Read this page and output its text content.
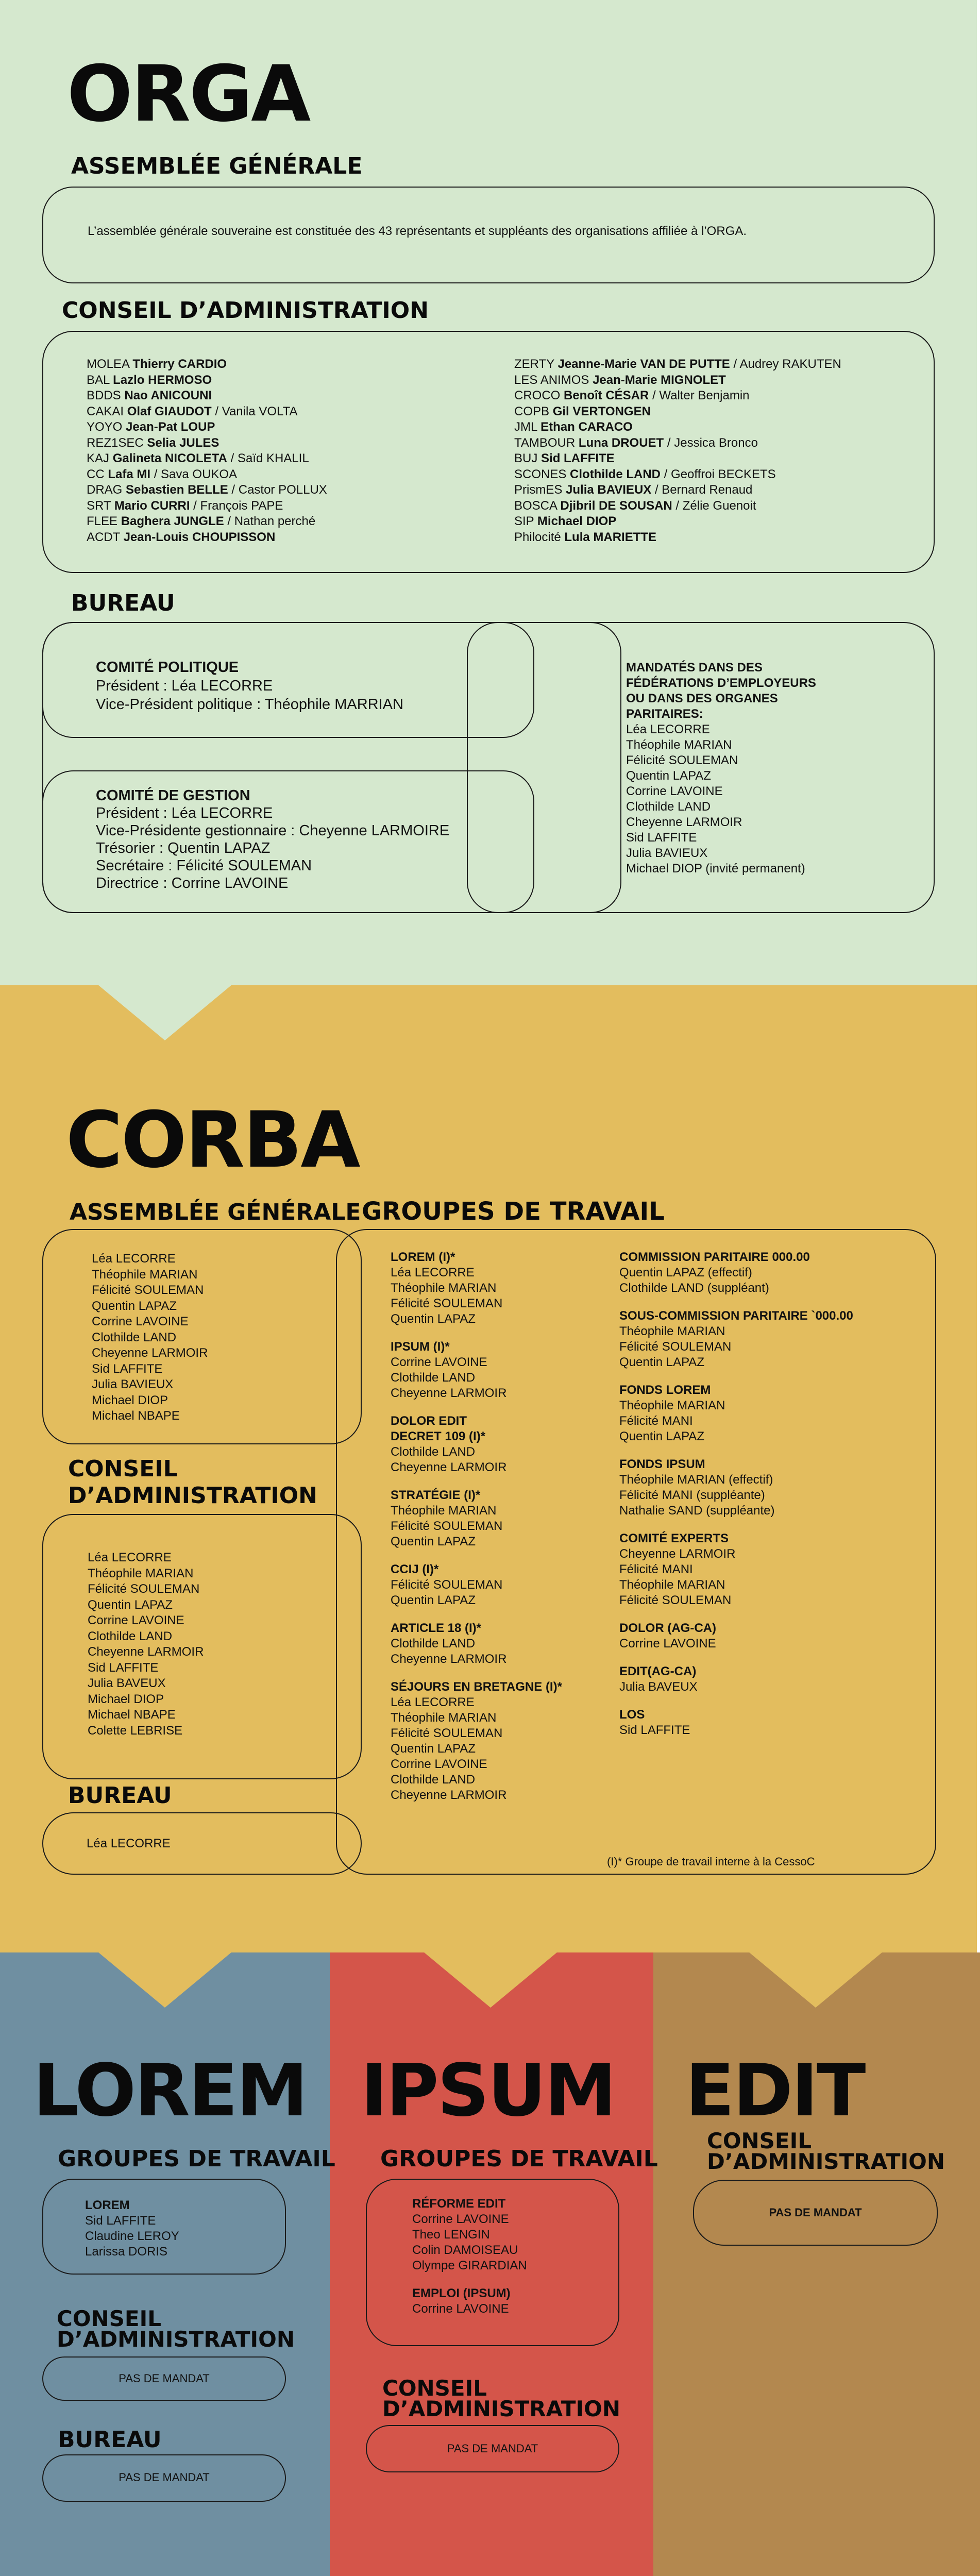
ORGA
ASSEMBLÉE GÉNÉRALE
L’assemblée générale souveraine est constituée des 43 représentants et suppléants des organisations affiliée à l’ORGA.
CONSEIL D’ADMINISTRATION
MOLEA Thierry CARDIO
BAL Lazlo HERMOSO
BDDS Nao ANICOUNI
CAKAI Olaf GIAUDOT / Vanila VOLTA
YOYO Jean-Pat LOUP
REZ1SEC Selia JULES
KAJ Galineta NICOLETA / Saïd KHALIL
CC Lafa MI / Sava OUKOA
DRAG Sebastien BELLE / Castor POLLUX
SRT Mario CURRI / François PAPE
FLEE Baghera JUNGLE / Nathan perché
ACDT Jean-Louis CHOUPISSON
ZERTY Jeanne-Marie VAN DE PUTTE / Audrey RAKUTEN
LES ANIMOS Jean-Marie MIGNOLET
CROCO Benoît CÉSAR / Walter Benjamin
COPB Gil VERTONGEN
JML Ethan CARACO
TAMBOUR Luna DROUET / Jessica Bronco
BUJ Sid LAFFITE
SCONES Clothilde LAND / Geoffroi BECKETS
PrismES Julia BAVIEUX / Bernard Renaud
BOSCA Djibril DE SOUSAN / Zélie Guenoit
SIP Michael DIOP
Philocité Lula MARIETTE
BUREAU
COMITÉ POLITIQUE
Président : Léa LECORRE
Vice-Président politique : Théophile MARRIAN
COMITÉ DE GESTION
Président : Léa LECORRE
Vice-Présidente gestionnaire : Cheyenne LARMOIRE
Trésorier : Quentin LAPAZ
Secrétaire : Félicité SOULEMAN
Directrice : Corrine LAVOINE
MANDATÉS DANS DES
FÉDÉRATIONS D’EMPLOYEURS
OU DANS DES ORGANES
PARITAIRES:
Léa LECORRE
Théophile MARIAN
Félicité SOULEMAN
Quentin LAPAZ
Corrine LAVOINE
Clothilde LAND
Cheyenne LARMOIR
Sid LAFFITE
Julia BAVIEUX
Michael DIOP (invité permanent)
CORBA
ASSEMBLÉE GÉNÉRALE GROUPES DE TRAVAIL
Léa LECORRE
Théophile MARIAN
Félicité SOULEMAN
Quentin LAPAZ
Corrine LAVOINE
Clothilde LAND
Cheyenne LARMOIR
Sid LAFFITE
Julia BAVIEUX
Michael DIOP
Michael NBAPE
CONSEIL
D’ADMINISTRATION
Léa LECORRE
Théophile MARIAN
Félicité SOULEMAN
Quentin LAPAZ
Corrine LAVOINE
Clothilde LAND
Cheyenne LARMOIR
Sid LAFFITE
Julia BAVEUX
Michael DIOP
Michael NBAPE
Colette LEBRISE
BUREAU
Léa LECORRE
LOREM (I)*
Léa LECORRE
Théophile MARIAN
Félicité SOULEMAN
Quentin LAPAZ
IPSUM (I)*
Corrine LAVOINE
Clothilde LAND
Cheyenne LARMOIR
DOLOR EDIT
DECRET 109 (I)*
Clothilde LAND
Cheyenne LARMOIR
STRATÉGIE (I)*
Théophile MARIAN
Félicité SOULEMAN
Quentin LAPAZ
CCIJ (I)*
Félicité SOULEMAN
Quentin LAPAZ
ARTICLE 18 (I)*
Clothilde LAND
Cheyenne LARMOIR
SÉJOURS EN BRETAGNE (I)*
Léa LECORRE
Théophile MARIAN
Félicité SOULEMAN
Quentin LAPAZ
Corrine LAVOINE
Clothilde LAND
Cheyenne LARMOIR
COMMISSION PARITAIRE 000.00
Quentin LAPAZ (effectif)
Clothilde LAND (suppléant)
SOUS-COMMISSION PARITAIRE `000.00
Théophile MARIAN
Félicité SOULEMAN
Quentin LAPAZ
FONDS LOREM
Théophile MARIAN
Félicité MANI
Quentin LAPAZ
FONDS IPSUM
Théophile MARIAN (effectif)
Félicité MANI (suppléante)
Nathalie SAND (suppléante)
COMITÉ EXPERTS
Cheyenne LARMOIR
Félicité MANI
Théophile MARIAN
Félicité SOULEMAN
DOLOR (AG-CA)
Corrine LAVOINE
EDIT(AG-CA)
Julia BAVEUX
LOS
Sid LAFFITE
(I)* Groupe de travail interne à la CessoC
LOREM
GROUPES DE TRAVAIL
LOREM
Sid LAFFITE
Claudine LEROY
Larissa DORIS
CONSEIL
D’ADMINISTRATION
PAS DE MANDAT
BUREAU
PAS DE MANDAT
IPSUM
GROUPES DE TRAVAIL
RÉFORME EDIT
Corrine LAVOINE
Theo LENGIN
Colin DAMOISEAU
Olympe GIRARDIAN
EMPLOI (IPSUM)
Corrine LAVOINE
CONSEIL
D’ADMINISTRATION
PAS DE MANDAT
EDIT
CONSEIL
D’ADMINISTRATION
PAS DE MANDAT
